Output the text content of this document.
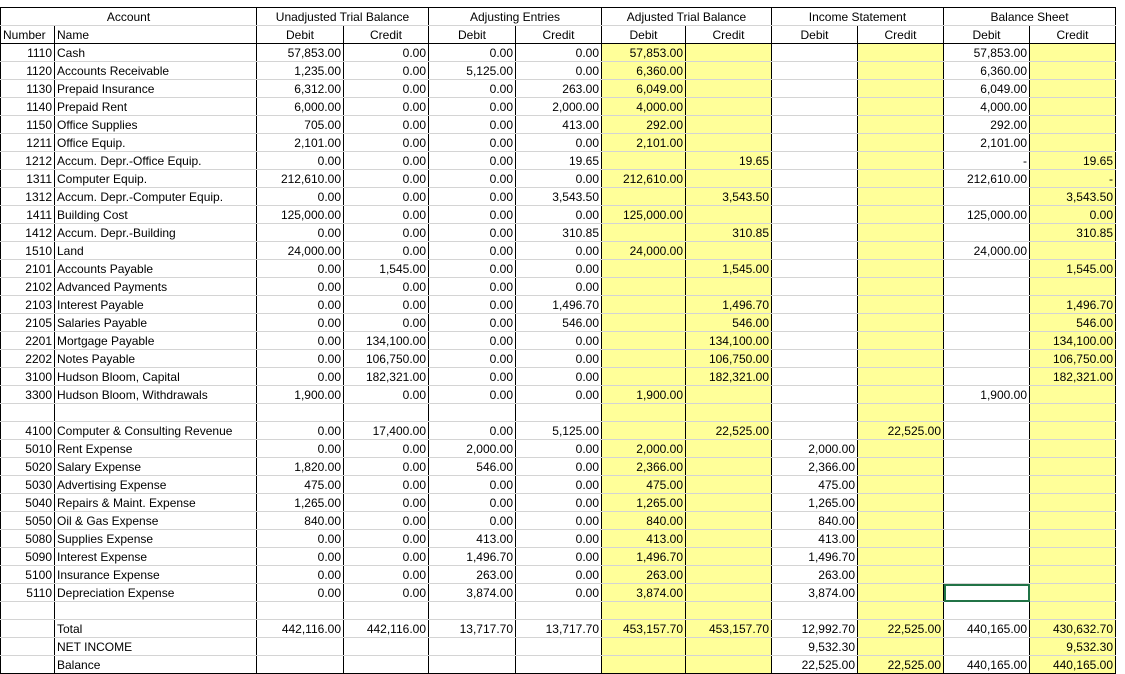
Account		Unadjusted Trial Balance		Adjusting Entries		Adjusted Trial Balance		Income Statement		Balance Sheet	
Number	Name	Debit	Credit	Debit	Credit	Debit	Credit	Debit	Credit	Debit	Credit
1110	Cash	57,853.00	0.00	0.00	0.00	57,853.00				57,853.00	
1120	Accounts Receivable	1,235.00	0.00	5,125.00	0.00	6,360.00				6,360.00	
1130	Prepaid Insurance	6,312.00	0.00	0.00	263.00	6,049.00				6,049.00	
1140	Prepaid Rent	6,000.00	0.00	0.00	2,000.00	4,000.00				4,000.00	
1150	Office Supplies	705.00	0.00	0.00	413.00	292.00				292.00	
1211	Office Equip.	2,101.00	0.00	0.00	0.00	2,101.00				2,101.00	
1212	Accum. Depr.-Office Equip.	0.00	0.00	0.00	19.65		19.65			-	19.65
1311	Computer Equip.	212,610.00	0.00	0.00	0.00	212,610.00				212,610.00	-
1312	Accum. Depr.-Computer Equip.	0.00	0.00	0.00	3,543.50		3,543.50				3,543.50
1411	Building Cost	125,000.00	0.00	0.00	0.00	125,000.00				125,000.00	0.00
1412	Accum. Depr.-Building	0.00	0.00	0.00	310.85		310.85				310.85
1510	Land	24,000.00	0.00	0.00	0.00	24,000.00				24,000.00	
2101	Accounts Payable	0.00	1,545.00	0.00	0.00		1,545.00				1,545.00
2102	Advanced Payments	0.00	0.00	0.00	0.00						
2103	Interest Payable	0.00	0.00	0.00	1,496.70		1,496.70				1,496.70
2105	Salaries Payable	0.00	0.00	0.00	546.00		546.00				546.00
2201	Mortgage Payable	0.00	134,100.00	0.00	0.00		134,100.00				134,100.00
2202	Notes Payable	0.00	106,750.00	0.00	0.00		106,750.00				106,750.00
3100	Hudson Bloom, Capital	0.00	182,321.00	0.00	0.00		182,321.00				182,321.00
3300	Hudson Bloom, Withdrawals	1,900.00	0.00	0.00	0.00	1,900.00				1,900.00	

4100	Computer & Consulting Revenue	0.00	17,400.00	0.00	5,125.00		22,525.00		22,525.00		
5010	Rent Expense	0.00	0.00	2,000.00	0.00	2,000.00		2,000.00			
5020	Salary Expense	1,820.00	0.00	546.00	0.00	2,366.00		2,366.00			
5030	Advertising Expense	475.00	0.00	0.00	0.00	475.00		475.00			
5040	Repairs & Maint. Expense	1,265.00	0.00	0.00	0.00	1,265.00		1,265.00			
5050	Oil & Gas Expense	840.00	0.00	0.00	0.00	840.00		840.00			
5080	Supplies Expense	0.00	0.00	413.00	0.00	413.00		413.00			
5090	Interest Expense	0.00	0.00	1,496.70	0.00	1,496.70		1,496.70			
5100	Insurance Expense	0.00	0.00	263.00	0.00	263.00		263.00			
5110	Depreciation Expense	0.00	0.00	3,874.00	0.00	3,874.00		3,874.00			

	Total	442,116.00	442,116.00	13,717.70	13,717.70	453,157.70	453,157.70	12,992.70	22,525.00	440,165.00	430,632.70
	NET INCOME							9,532.30			9,532.30
	Balance							22,525.00	22,525.00	440,165.00	440,165.00
